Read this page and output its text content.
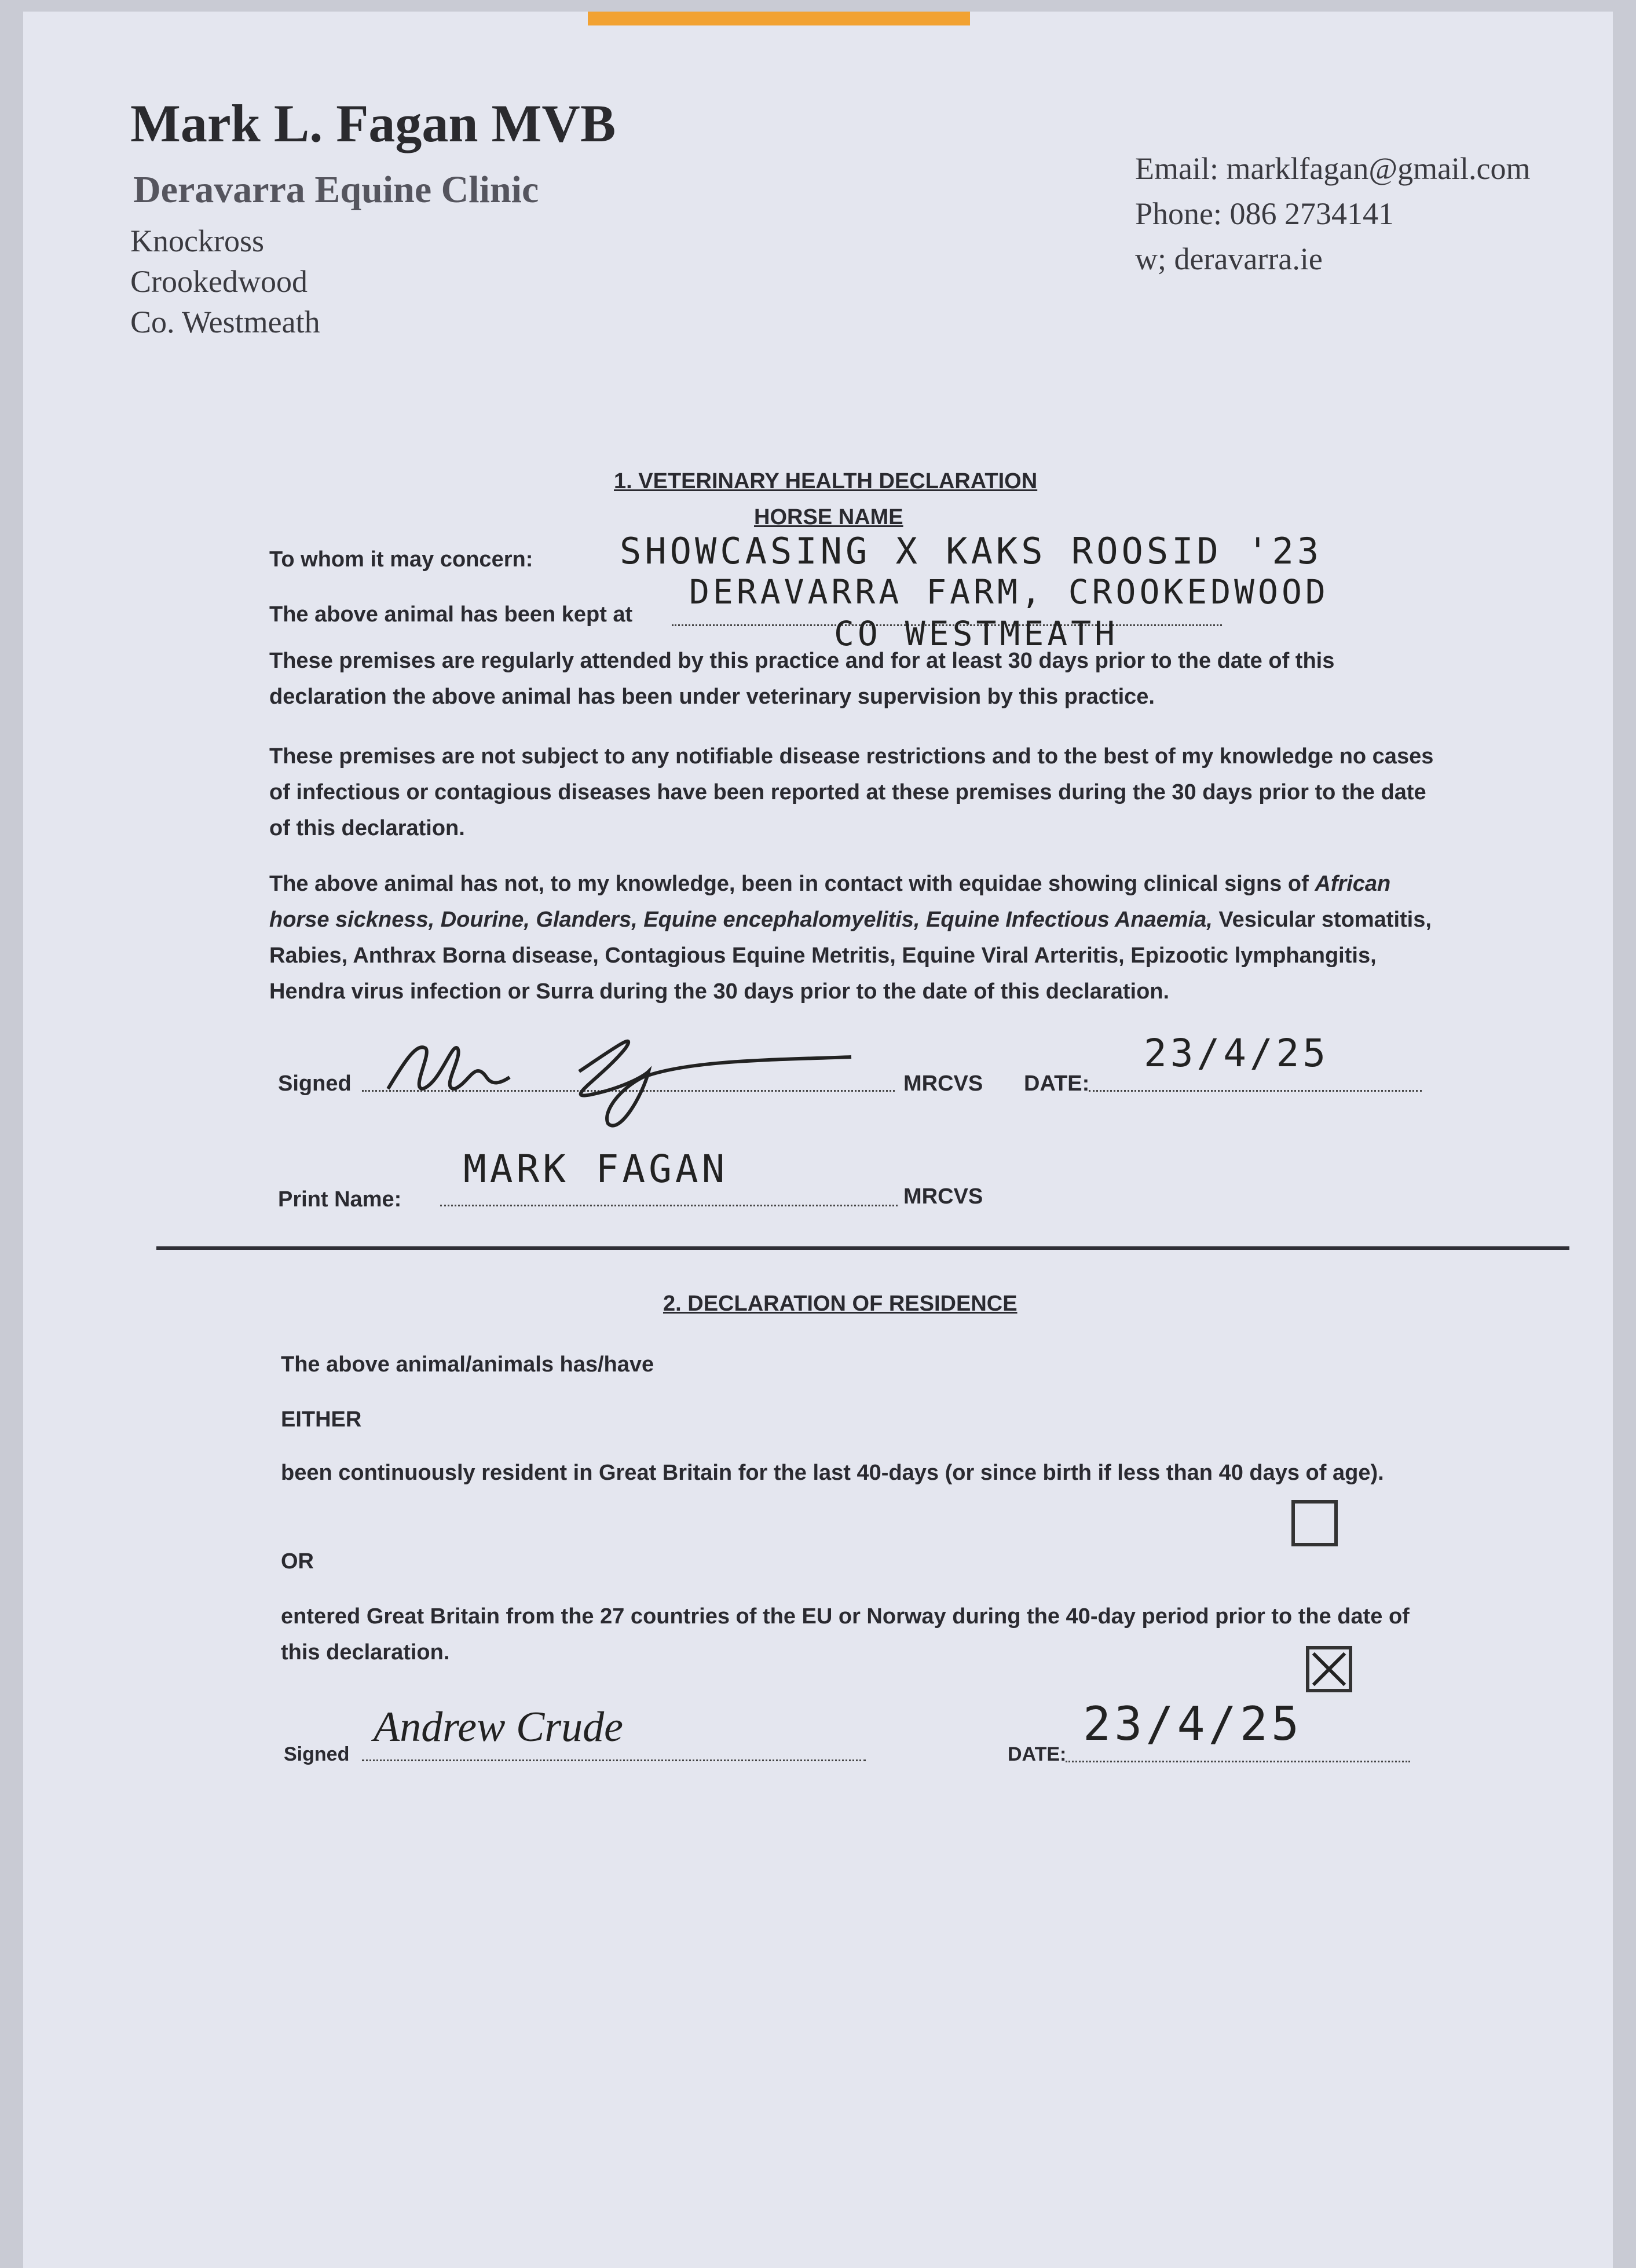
Mark L. Fagan MVB
Deravarra Equine Clinic
Knockross
Crookedwood
Co. Westmeath
Email: marklfagan@gmail.com
Phone: 086 2734141
w; deravarra.ie
1. VETERINARY HEALTH DECLARATION
HORSE NAME
To whom it may concern: SHOWCASING X KAKS ROOSID '23
The above animal has been kept at
DERAVARRA FARM, CROOKEDWOOD
CO WESTMEATH
These premises are regularly attended by this practice and for at least 30 days prior to the date of this declaration the above animal has been under veterinary supervision by this practice.
These premises are not subject to any notifiable disease restrictions and to the best of my knowledge no cases of infectious or contagious diseases have been reported at these premises during the 30 days prior to the date of this declaration.
The above animal has not, to my knowledge, been in contact with equidae showing clinical signs of African horse sickness, Dourine, Glanders, Equine encephalomyelitis, Equine Infectious Anaemia, Vesicular stomatitis, Rabies, Anthrax Borna disease, Contagious Equine Metritis, Equine Viral Arteritis, Epizootic lymphangitis, Hendra virus infection or Surra during the 30 days prior to the date of this declaration.
Signed	MRCVS DATE:
23/4/25
Print Name:
MARK FAGAN
MRCVS
2. DECLARATION OF RESIDENCE
The above animal/animals has/have
EITHER
been continuously resident in Great Britain for the last 40-days (or since birth if less than 40 days of age).
OR
entered Great Britain from the 27 countries of the EU or Norway during the 40-day period prior to the date of this declaration.
Signed
Andrew Crude
DATE:
23/4/25
